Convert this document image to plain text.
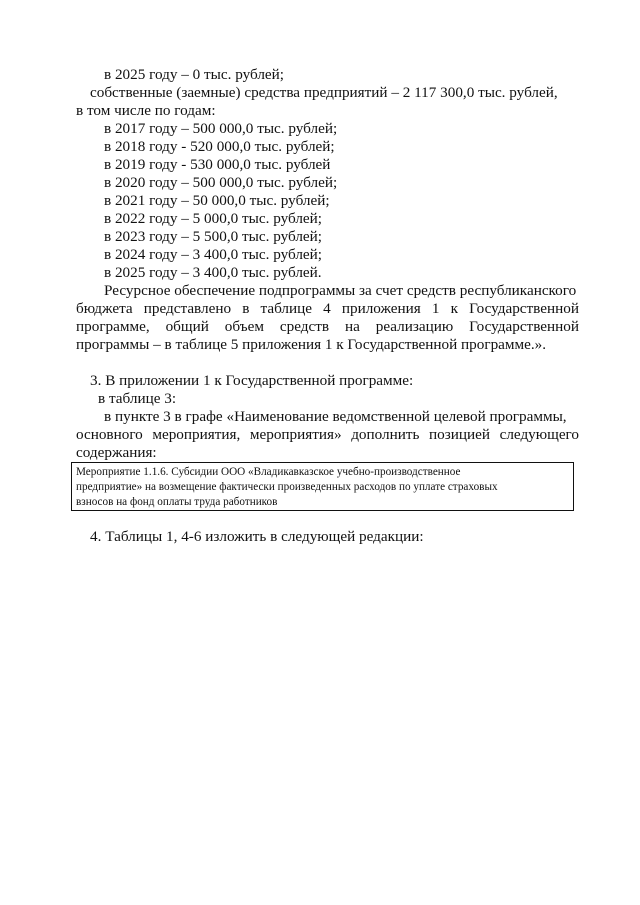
в 2025 году – 0 тыс. рублей;
собственные (заемные) средства предприятий – 2 117 300,0 тыс. рублей,
в том числе по годам:
в 2017 году – 500 000,0 тыс. рублей;
в 2018 году - 520 000,0 тыс. рублей;
в 2019 году - 530 000,0 тыс. рублей
в 2020 году – 500 000,0 тыс. рублей;
в 2021 году – 50 000,0 тыс. рублей;
в 2022 году – 5 000,0 тыс. рублей;
в 2023 году – 5 500,0 тыс. рублей;
в 2024 году – 3 400,0 тыс. рублей;
в 2025 году – 3 400,0 тыс. рублей.
Ресурсное обеспечение подпрограммы за счет средств республиканского
бюджета представлено в таблице 4 приложения 1 к Государственной
программе, общий объем средств на реализацию Государственной
программы – в таблице 5 приложения 1 к Государственной программе.».
3. В приложении 1 к Государственной программе:
в таблице 3:
в пункте 3 в графе «Наименование ведомственной целевой программы,
основного мероприятия, мероприятия» дополнить позицией следующего
содержания:
Мероприятие 1.1.6. Субсидии ООО «Владикавказское учебно-производственное
предприятие» на возмещение фактически произведенных расходов по уплате страховых
взносов на фонд оплаты труда работников
4. Таблицы 1, 4-6 изложить в следующей редакции:
